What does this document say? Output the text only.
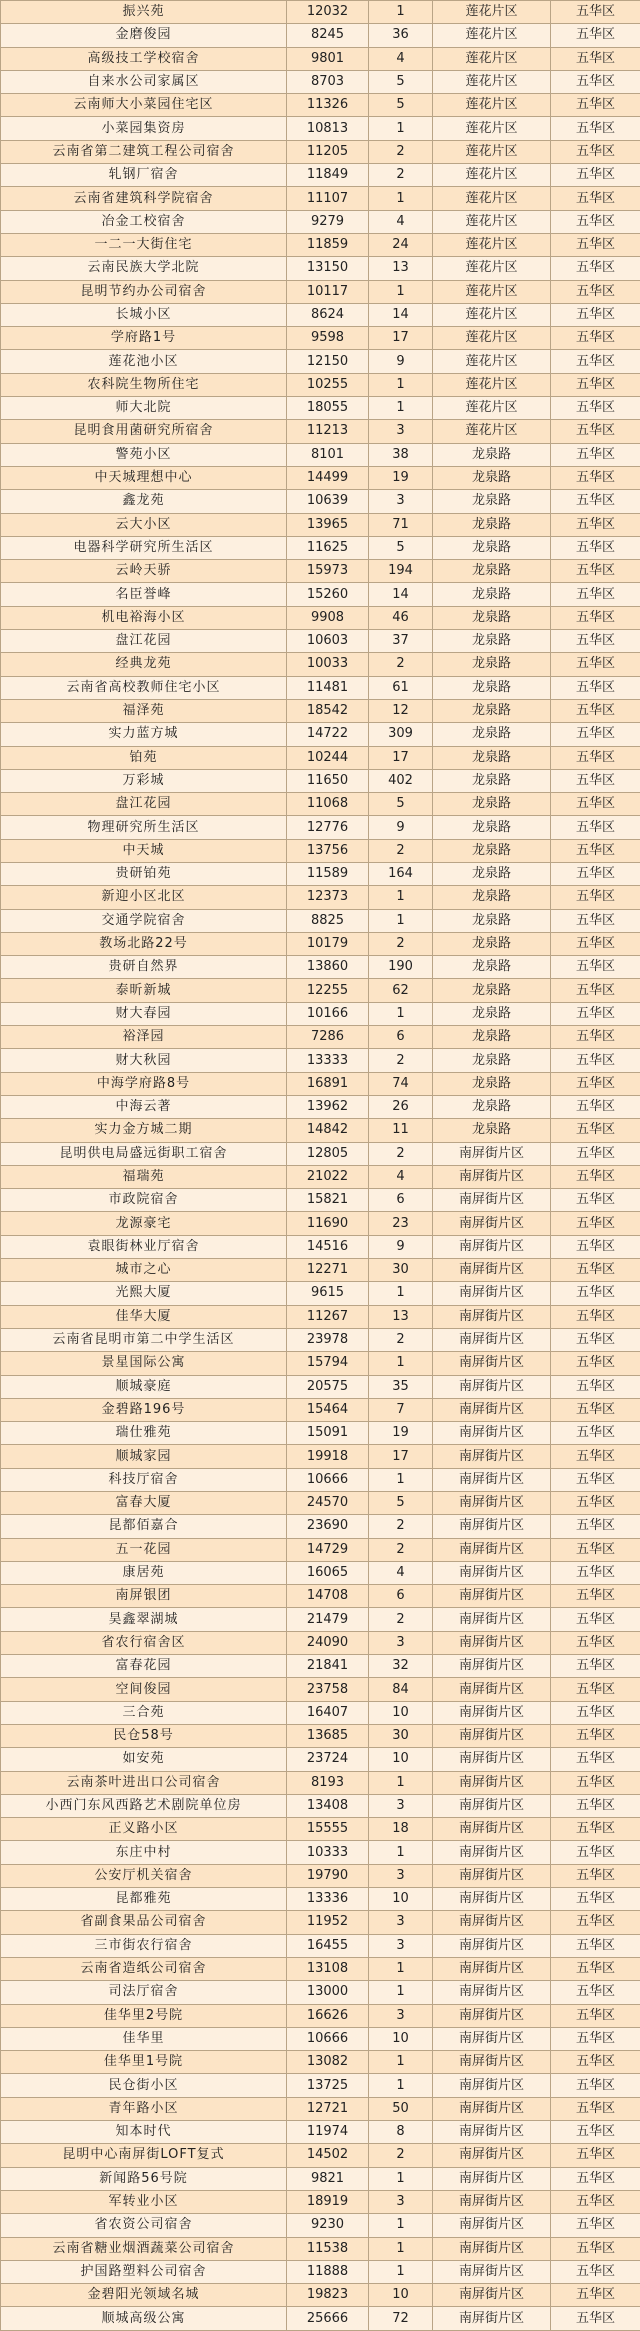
振兴苑	12032	1	莲花片区	五华区
金磨俊园	8245	36	莲花片区	五华区
高级技工学校宿舍	9801	4	莲花片区	五华区
自来水公司家属区	8703	5	莲花片区	五华区
云南师大小菜园住宅区	11326	5	莲花片区	五华区
小菜园集资房	10813	1	莲花片区	五华区
云南省第二建筑工程公司宿舍	11205	2	莲花片区	五华区
轧钢厂宿舍	11849	2	莲花片区	五华区
云南省建筑科学院宿舍	11107	1	莲花片区	五华区
冶金工校宿舍	9279	4	莲花片区	五华区
一二一大街住宅	11859	24	莲花片区	五华区
云南民族大学北院	13150	13	莲花片区	五华区
昆明节约办公司宿舍	10117	1	莲花片区	五华区
长城小区	8624	14	莲花片区	五华区
学府路1号	9598	17	莲花片区	五华区
莲花池小区	12150	9	莲花片区	五华区
农科院生物所住宅	10255	1	莲花片区	五华区
师大北院	18055	1	莲花片区	五华区
昆明食用菌研究所宿舍	11213	3	莲花片区	五华区
警苑小区	8101	38	龙泉路	五华区
中天城理想中心	14499	19	龙泉路	五华区
鑫龙苑	10639	3	龙泉路	五华区
云大小区	13965	71	龙泉路	五华区
电器科学研究所生活区	11625	5	龙泉路	五华区
云岭天骄	15973	194	龙泉路	五华区
名臣誉峰	15260	14	龙泉路	五华区
机电裕海小区	9908	46	龙泉路	五华区
盘江花园	10603	37	龙泉路	五华区
经典龙苑	10033	2	龙泉路	五华区
云南省高校教师住宅小区	11481	61	龙泉路	五华区
福泽苑	18542	12	龙泉路	五华区
实力蓝方城	14722	309	龙泉路	五华区
铂苑	10244	17	龙泉路	五华区
万彩城	11650	402	龙泉路	五华区
盘江花园	11068	5	龙泉路	五华区
物理研究所生活区	12776	9	龙泉路	五华区
中天城	13756	2	龙泉路	五华区
贵研铂苑	11589	164	龙泉路	五华区
新迎小区北区	12373	1	龙泉路	五华区
交通学院宿舍	8825	1	龙泉路	五华区
教场北路22号	10179	2	龙泉路	五华区
贵研自然界	13860	190	龙泉路	五华区
泰昕新城	12255	62	龙泉路	五华区
财大春园	10166	1	龙泉路	五华区
裕泽园	7286	6	龙泉路	五华区
财大秋园	13333	2	龙泉路	五华区
中海学府路8号	16891	74	龙泉路	五华区
中海云著	13962	26	龙泉路	五华区
实力金方城二期	14842	11	龙泉路	五华区
昆明供电局盛远街职工宿舍	12805	2	南屏街片区	五华区
福瑞苑	21022	4	南屏街片区	五华区
市政院宿舍	15821	6	南屏街片区	五华区
龙源豪宅	11690	23	南屏街片区	五华区
袁眼街林业厅宿舍	14516	9	南屏街片区	五华区
城市之心	12271	30	南屏街片区	五华区
光熙大厦	9615	1	南屏街片区	五华区
佳华大厦	11267	13	南屏街片区	五华区
云南省昆明市第二中学生活区	23978	2	南屏街片区	五华区
景星国际公寓	15794	1	南屏街片区	五华区
顺城豪庭	20575	35	南屏街片区	五华区
金碧路196号	15464	7	南屏街片区	五华区
瑞仕雅苑	15091	19	南屏街片区	五华区
顺城家园	19918	17	南屏街片区	五华区
科技厅宿舍	10666	1	南屏街片区	五华区
富春大厦	24570	5	南屏街片区	五华区
昆都佰嘉合	23690	2	南屏街片区	五华区
五一花园	14729	2	南屏街片区	五华区
康居苑	16065	4	南屏街片区	五华区
南屏银团	14708	6	南屏街片区	五华区
昊鑫翠湖城	21479	2	南屏街片区	五华区
省农行宿舍区	24090	3	南屏街片区	五华区
富春花园	21841	32	南屏街片区	五华区
空间俊园	23758	84	南屏街片区	五华区
三合苑	16407	10	南屏街片区	五华区
民仓58号	13685	30	南屏街片区	五华区
如安苑	23724	10	南屏街片区	五华区
云南茶叶进出口公司宿舍	8193	1	南屏街片区	五华区
小西门东风西路艺术剧院单位房	13408	3	南屏街片区	五华区
正义路小区	15555	18	南屏街片区	五华区
东庄中村	10333	1	南屏街片区	五华区
公安厅机关宿舍	19790	3	南屏街片区	五华区
昆都雅苑	13336	10	南屏街片区	五华区
省副食果品公司宿舍	11952	3	南屏街片区	五华区
三市街农行宿舍	16455	3	南屏街片区	五华区
云南省造纸公司宿舍	13108	1	南屏街片区	五华区
司法厅宿舍	13000	1	南屏街片区	五华区
佳华里2号院	16626	3	南屏街片区	五华区
佳华里	10666	10	南屏街片区	五华区
佳华里1号院	13082	1	南屏街片区	五华区
民仓街小区	13725	1	南屏街片区	五华区
青年路小区	12721	50	南屏街片区	五华区
知本时代	11974	8	南屏街片区	五华区
昆明中心南屏街LOFT复式	14502	2	南屏街片区	五华区
新闻路56号院	9821	1	南屏街片区	五华区
军转业小区	18919	3	南屏街片区	五华区
省农资公司宿舍	9230	1	南屏街片区	五华区
云南省糖业烟酒蔬菜公司宿舍	11538	1	南屏街片区	五华区
护国路塑料公司宿舍	11888	1	南屏街片区	五华区
金碧阳光领域名城	19823	10	南屏街片区	五华区
顺城高级公寓	25666	72	南屏街片区	五华区
